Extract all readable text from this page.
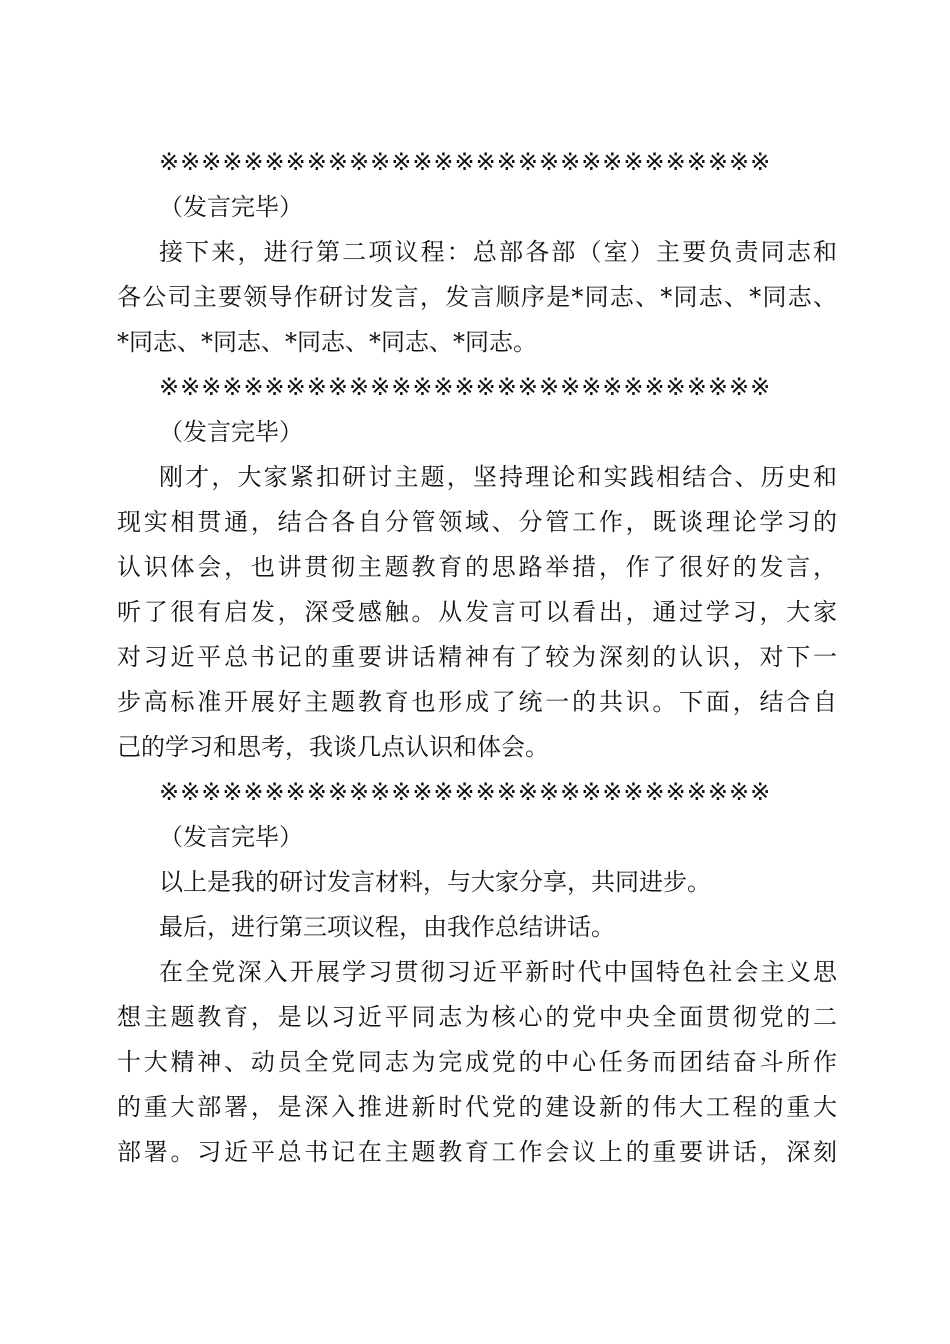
※※※※※※※※※※※※※※※※※※※※※※※※※※※※※
（发言完毕）
接下来，进行第二项议程：总部各部（室）主要负责同志和
各公司主要领导作研讨发言，发言顺序是*同志、*同志、*同志、
*同志、*同志、*同志、*同志、*同志。
※※※※※※※※※※※※※※※※※※※※※※※※※※※※※
（发言完毕）
刚才，大家紧扣研讨主题，坚持理论和实践相结合、历史和
现实相贯通，结合各自分管领域、分管工作，既谈理论学习的
认识体会，也讲贯彻主题教育的思路举措，作了很好的发言，
听了很有启发，深受感触。从发言可以看出，通过学习，大家
对习近平总书记的重要讲话精神有了较为深刻的认识，对下一
步高标准开展好主题教育也形成了统一的共识。下面，结合自
己的学习和思考，我谈几点认识和体会。
※※※※※※※※※※※※※※※※※※※※※※※※※※※※※
（发言完毕）
以上是我的研讨发言材料，与大家分享，共同进步。
最后，进行第三项议程，由我作总结讲话。
在全党深入开展学习贯彻习近平新时代中国特色社会主义思
想主题教育，是以习近平同志为核心的党中央全面贯彻党的二
十大精神、动员全党同志为完成党的中心任务而团结奋斗所作
的重大部署，是深入推进新时代党的建设新的伟大工程的重大
部署。习近平总书记在主题教育工作会议上的重要讲话，深刻
